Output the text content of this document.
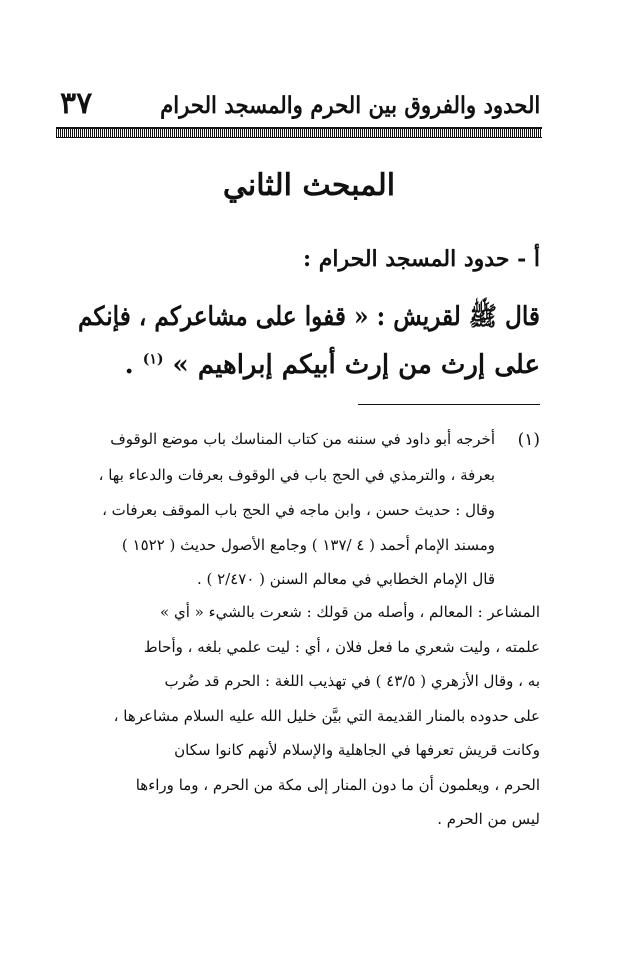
الحدود والفروق بين الحرم والمسجد الحرام
٣٧
المبحث الثاني
أ - حدود المسجد الحرام :
قال ﷺ لقريش : « قفوا على مشاعركم ، فإنكم
على إرث من إرث أبيكم إبراهيم » $^{(١)}$ .
(١)
أخرجه أبو داود في سننه من كتاب المناسك باب موضع الوقوف
بعرفة ، والترمذي في الحج باب في الوقوف بعرفات والدعاء بها ،
وقال : حديث حسن ، وابن ماجه في الحج باب الموقف بعرفات ،
ومسند الإمام أحمد ( ٤ /١٣٧ ) وجامع الأصول حديث ( ١٥٢٢ )
قال الإمام الخطابي في معالم السنن ( ٢/٤٧٠ ) .
المشاعر : المعالم ، وأصله من قولك : شعرت بالشيء « أي »
علمته ، وليت شعري ما فعل فلان ، أي : ليت علمي بلغه ، وأحاط
به ، وقال الأزهري ( ٤٣/٥ ) في تهذيب اللغة : الحرم قد ضُرب
على حدوده بالمنار القديمة التي بيَّن خليل الله عليه السلام مشاعرها ،
وكانت قريش تعرفها في الجاهلية والإسلام لأنهم كانوا سكان
الحرم ، ويعلمون أن ما دون المنار إلى مكة من الحرم ، وما وراءها
ليس من الحرم .
